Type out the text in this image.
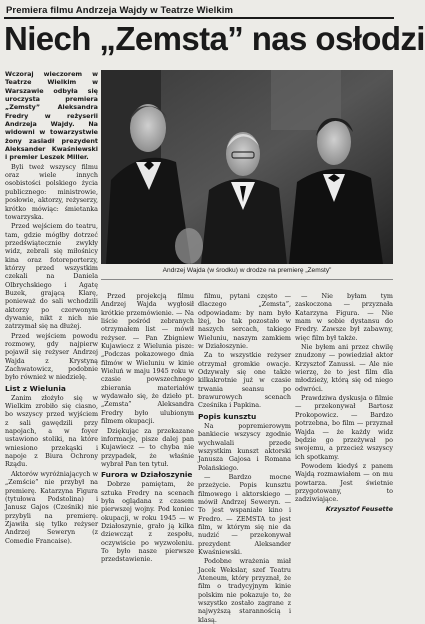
Premiera filmu Andrzeja Wajdy w Teatrze Wielkim
Niech „Zemsta” nas osłodzi

Wczoraj wieczorem w Teatrze Wielkim w Warszawie odbyła się uroczysta premiera „Zemsty” Aleksandra Fredry w reżyserii Andrzeja Wajdy. Na widowni w towarzystwie żony zasiadł prezydent Aleksander Kwaśniewski i premier Leszek Miller.

Byli tweż wszyscy filmu oraz wiele innych osobistości polskiego życia publicznego: ministrowie, posłowie, aktorzy, reżyserzy, krótko mówiąc: śmietanka towarzyska.

Przed wejściem do teatru, tam, gdzie mógłby dotrzeć przedświątecznie zwykły widz, zebrali się miłośnicy kina oraz fotoreporterzy, którzy przed wszystkim czekali na Daniela Olbrychskiego i Agatę Buzek, grającą Klarę, ponieważ do sali wchodzili aktorzy po czerwonym dywanie, nikt z nich nie zatrzymał się na dłużej.

Przed wejściem powodu rozmowy, gdy najpierw pojawił się reżyser Andrzej Wajda z Krystyną Zachwatowicz, podobnie było również w niedzielę.

List z Wielunia

Zanim złożyło się w Wielkim zrobiło się ciasno, bo wszyscy przed wyjściem z sali gawędzili przy napojach, a w foyer ustawiono stoliki, na które wniesiono przekąski i napoje z Biura Ochrony Rządu.

Aktorów wyróżniających w „Zemście” nie przybył na premierę. Katarzyna Figura (tytułowa Podstolina) i Janusz Gajos (Cześnik) nie przybyli na premierę. Zjawiła się tylko reżyser Andrzej Seweryn (z Comedie Francaise).

Andrzej Wajda (w środku) w drodze na premierę „Zemsty”

Przed projekcją filmu Andrzej Wajda wygłosił krótkie przemówienie. — Na liście pośród zebranych otrzymałem list — mówił reżyser. — Pan Zbigniew Kujawiecz z Wielunia pisze: „Podczas pokazowego dnia filmów w Wieluniu w kinie Wieluń w maju 1945 roku w czasie powszechnego zbierania materiałów wydawało się, że dzieło pt. „Zemsta” Aleksandra Fredry było ulubionym filmem okupacji.

Dziękując za przekazane informacje, pisze dalej pan Kujawiecz — to chyba nie przypadek, że właśnie wybrał Pan ten tytuł.

Furora w Działoszynie

Dobrze pamiętam, że sztuka Fredry na scenach była oglądana z czasem pierwszej wojny. Pod koniec okupacji, w roku 1945 — w Działoszynie, grało ją kilka dziewcząt z zespołu, oczywiście po wyzwoleniu. To było nasze pierwsze przedstawienie.

filmu, pytani często — dlaczego „Zemsta”, odpowiadam: by nam było lżej, bo tak pozostało w naszych sercach, takiego Wieluniu, naszym zamkiem w Działoszynie.

Za to wszystkie reżyser otrzymał gromkie owacje. Odzywały się one także kilkakrotnie już w czasie trwania seansu po brawurowych scenach Cześnika i Papkina.

Popis kunsztu

Na popremierowym bankiecie wszyscy zgodnie wychwalali przede wszystkim kunszt aktorski Janusza Gajosa i Romana Polańskiego.

— Bardzo mocne przeżycie. Popis kunsztu filmowego i aktorskiego — mówił Andrzej Seweryn. — To jest wspaniałe kino i Fredro. — ZEMSTA to jest film, w którym się nie da nudzić — przekonywał prezydent Aleksander Kwaśniewski.

Podobne wrażenia miał Jacek Wekslar, szef Teatru Ateneum, który przyznał, że film o tradycyjnym kinie polskim nie pokazuje to, że wszystko zostało zagrane z najwyższą starannością i klasą.

— Nie byłam tym zaskoczona — przyznała Katarzyna Figura. — Nie mam w sobie dystansu do Fredry. Zawsze był zabawny, więc film był także.

Nie byłem ani przez chwilę znudzony — powiedział aktor Krzysztof Zanussi. — Ale nie wierzę, że to jest film dla młodzieży, którą się od niego odwróci.

Prawdziwa dyskusja o filmie — przekonywał Bartosz Prokopowicz. — Bardzo potrzebna, bo film — przyznał Wajda — że każdy widz będzie go przeżywał po swojemu, a przecież wszyscy ich spotkamy.

Powodem kiedyś z panem Wajdą rozmawiałem — on mu powtarza. Jest świetnie przygotowany, to zadziwiające.

Krzysztof Feusette
